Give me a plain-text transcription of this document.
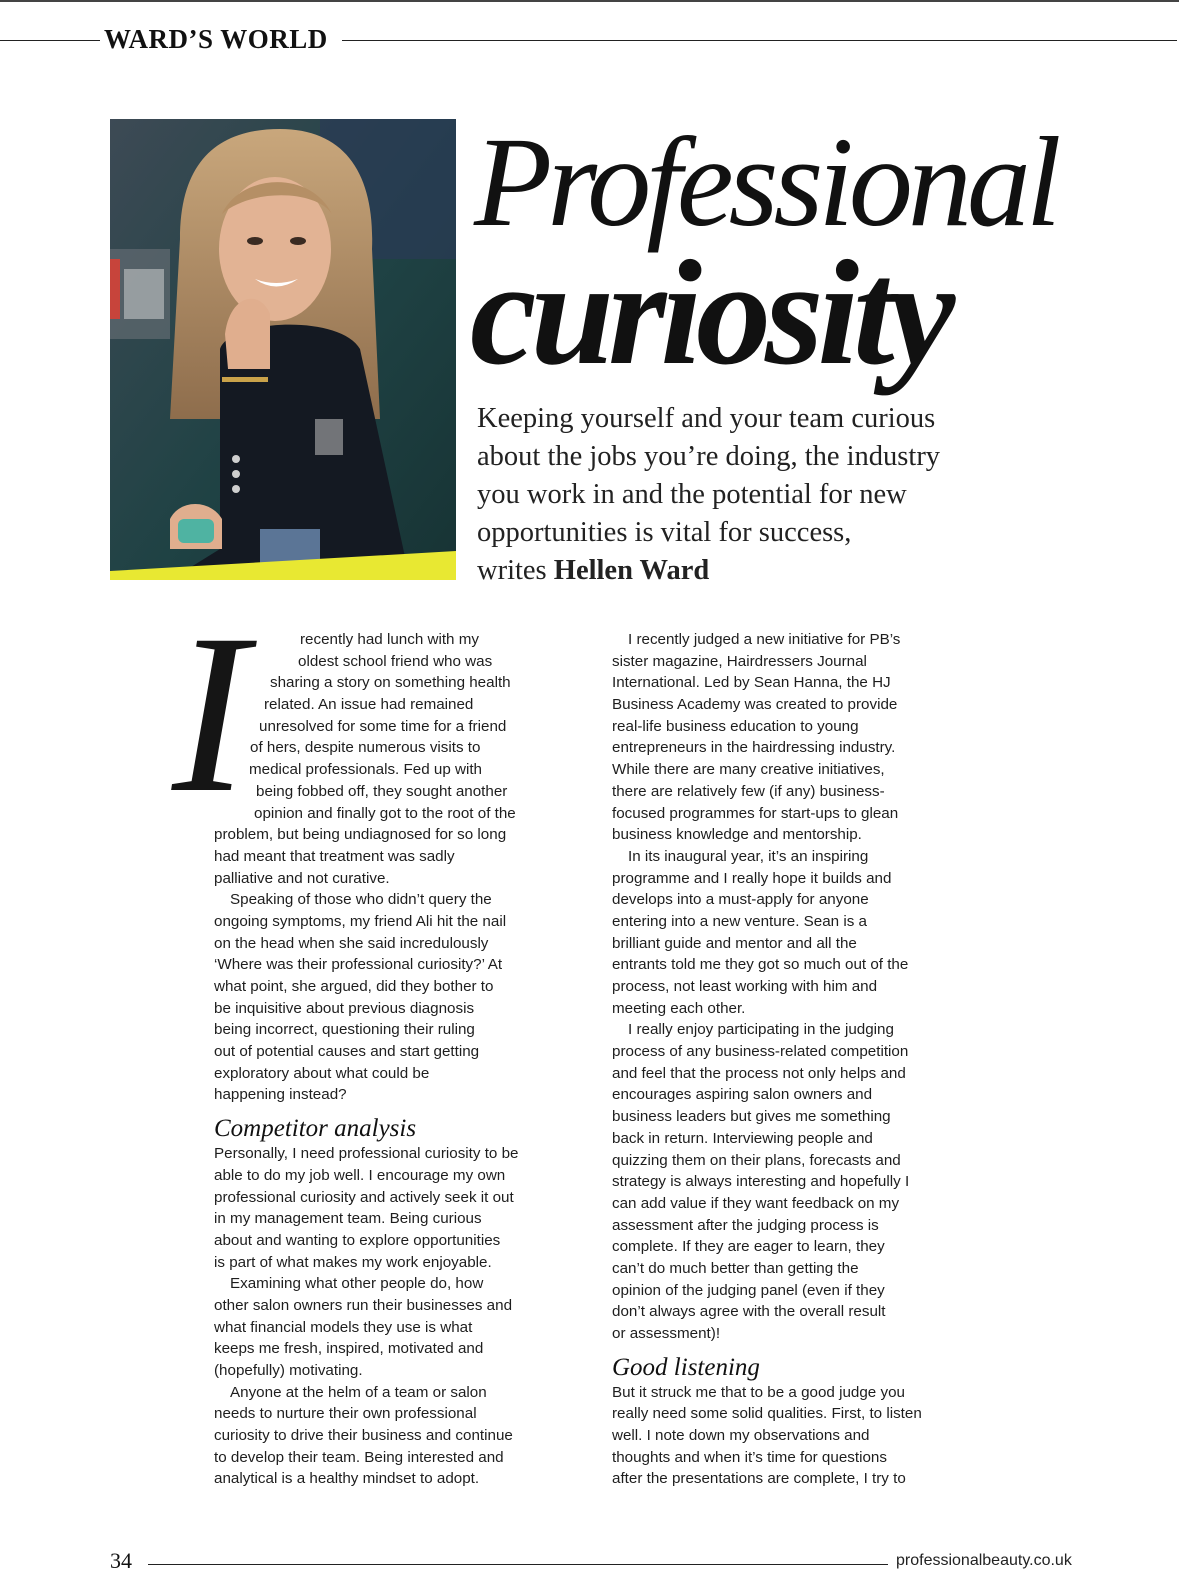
WARD’S WORLD
Professional
curiosity
Keeping yourself and your team curious
about the jobs you’re doing, the industry
you work in and the potential for new
opportunities is vital for success,
writes Hellen Ward
I	recently had lunch with my
oldest school friend who was
sharing a story on something health
related. An issue had remained
unresolved for some time for a friend
of hers, despite numerous visits to
medical professionals. Fed up with
being fobbed off, they sought another
opinion and finally got to the root of the
problem, but being undiagnosed for so long
had meant that treatment was sadly
palliative and not curative.
Speaking of those who didn’t query the
ongoing symptoms, my friend Ali hit the nail
on the head when she said incredulously
‘Where was their professional curiosity?’ At
what point, she argued, did they bother to
be inquisitive about previous diagnosis
being incorrect, questioning their ruling
out of potential causes and start getting
exploratory about what could be
happening instead?
Competitor analysis
Personally, I need professional curiosity to be
able to do my job well. I encourage my own
professional curiosity and actively seek it out
in my management team. Being curious
about and wanting to explore opportunities
is part of what makes my work enjoyable.
Examining what other people do, how
other salon owners run their businesses and
what financial models they use is what
keeps me fresh, inspired, motivated and
(hopefully) motivating.
Anyone at the helm of a team or salon
needs to nurture their own professional
curiosity to drive their business and continue
to develop their team. Being interested and
analytical is a healthy mindset to adopt.
I recently judged a new initiative for PB’s
sister magazine, Hairdressers Journal
International. Led by Sean Hanna, the HJ
Business Academy was created to provide
real-life business education to young
entrepreneurs in the hairdressing industry.
While there are many creative initiatives,
there are relatively few (if any) business-
focused programmes for start-ups to glean
business knowledge and mentorship.
In its inaugural year, it’s an inspiring
programme and I really hope it builds and
develops into a must-apply for anyone
entering into a new venture. Sean is a
brilliant guide and mentor and all the
entrants told me they got so much out of the
process, not least working with him and
meeting each other.
I really enjoy participating in the judging
process of any business-related competition
and feel that the process not only helps and
encourages aspiring salon owners and
business leaders but gives me something
back in return. Interviewing people and
quizzing them on their plans, forecasts and
strategy is always interesting and hopefully I
can add value if they want feedback on my
assessment after the judging process is
complete. If they are eager to learn, they
can’t do much better than getting the
opinion of the judging panel (even if they
don’t always agree with the overall result
or assessment)!
Good listening
But it struck me that to be a good judge you
really need some solid qualities. First, to listen
well. I note down my observations and
thoughts and when it’s time for questions
after the presentations are complete, I try to
34	professionalbeauty.co.uk
